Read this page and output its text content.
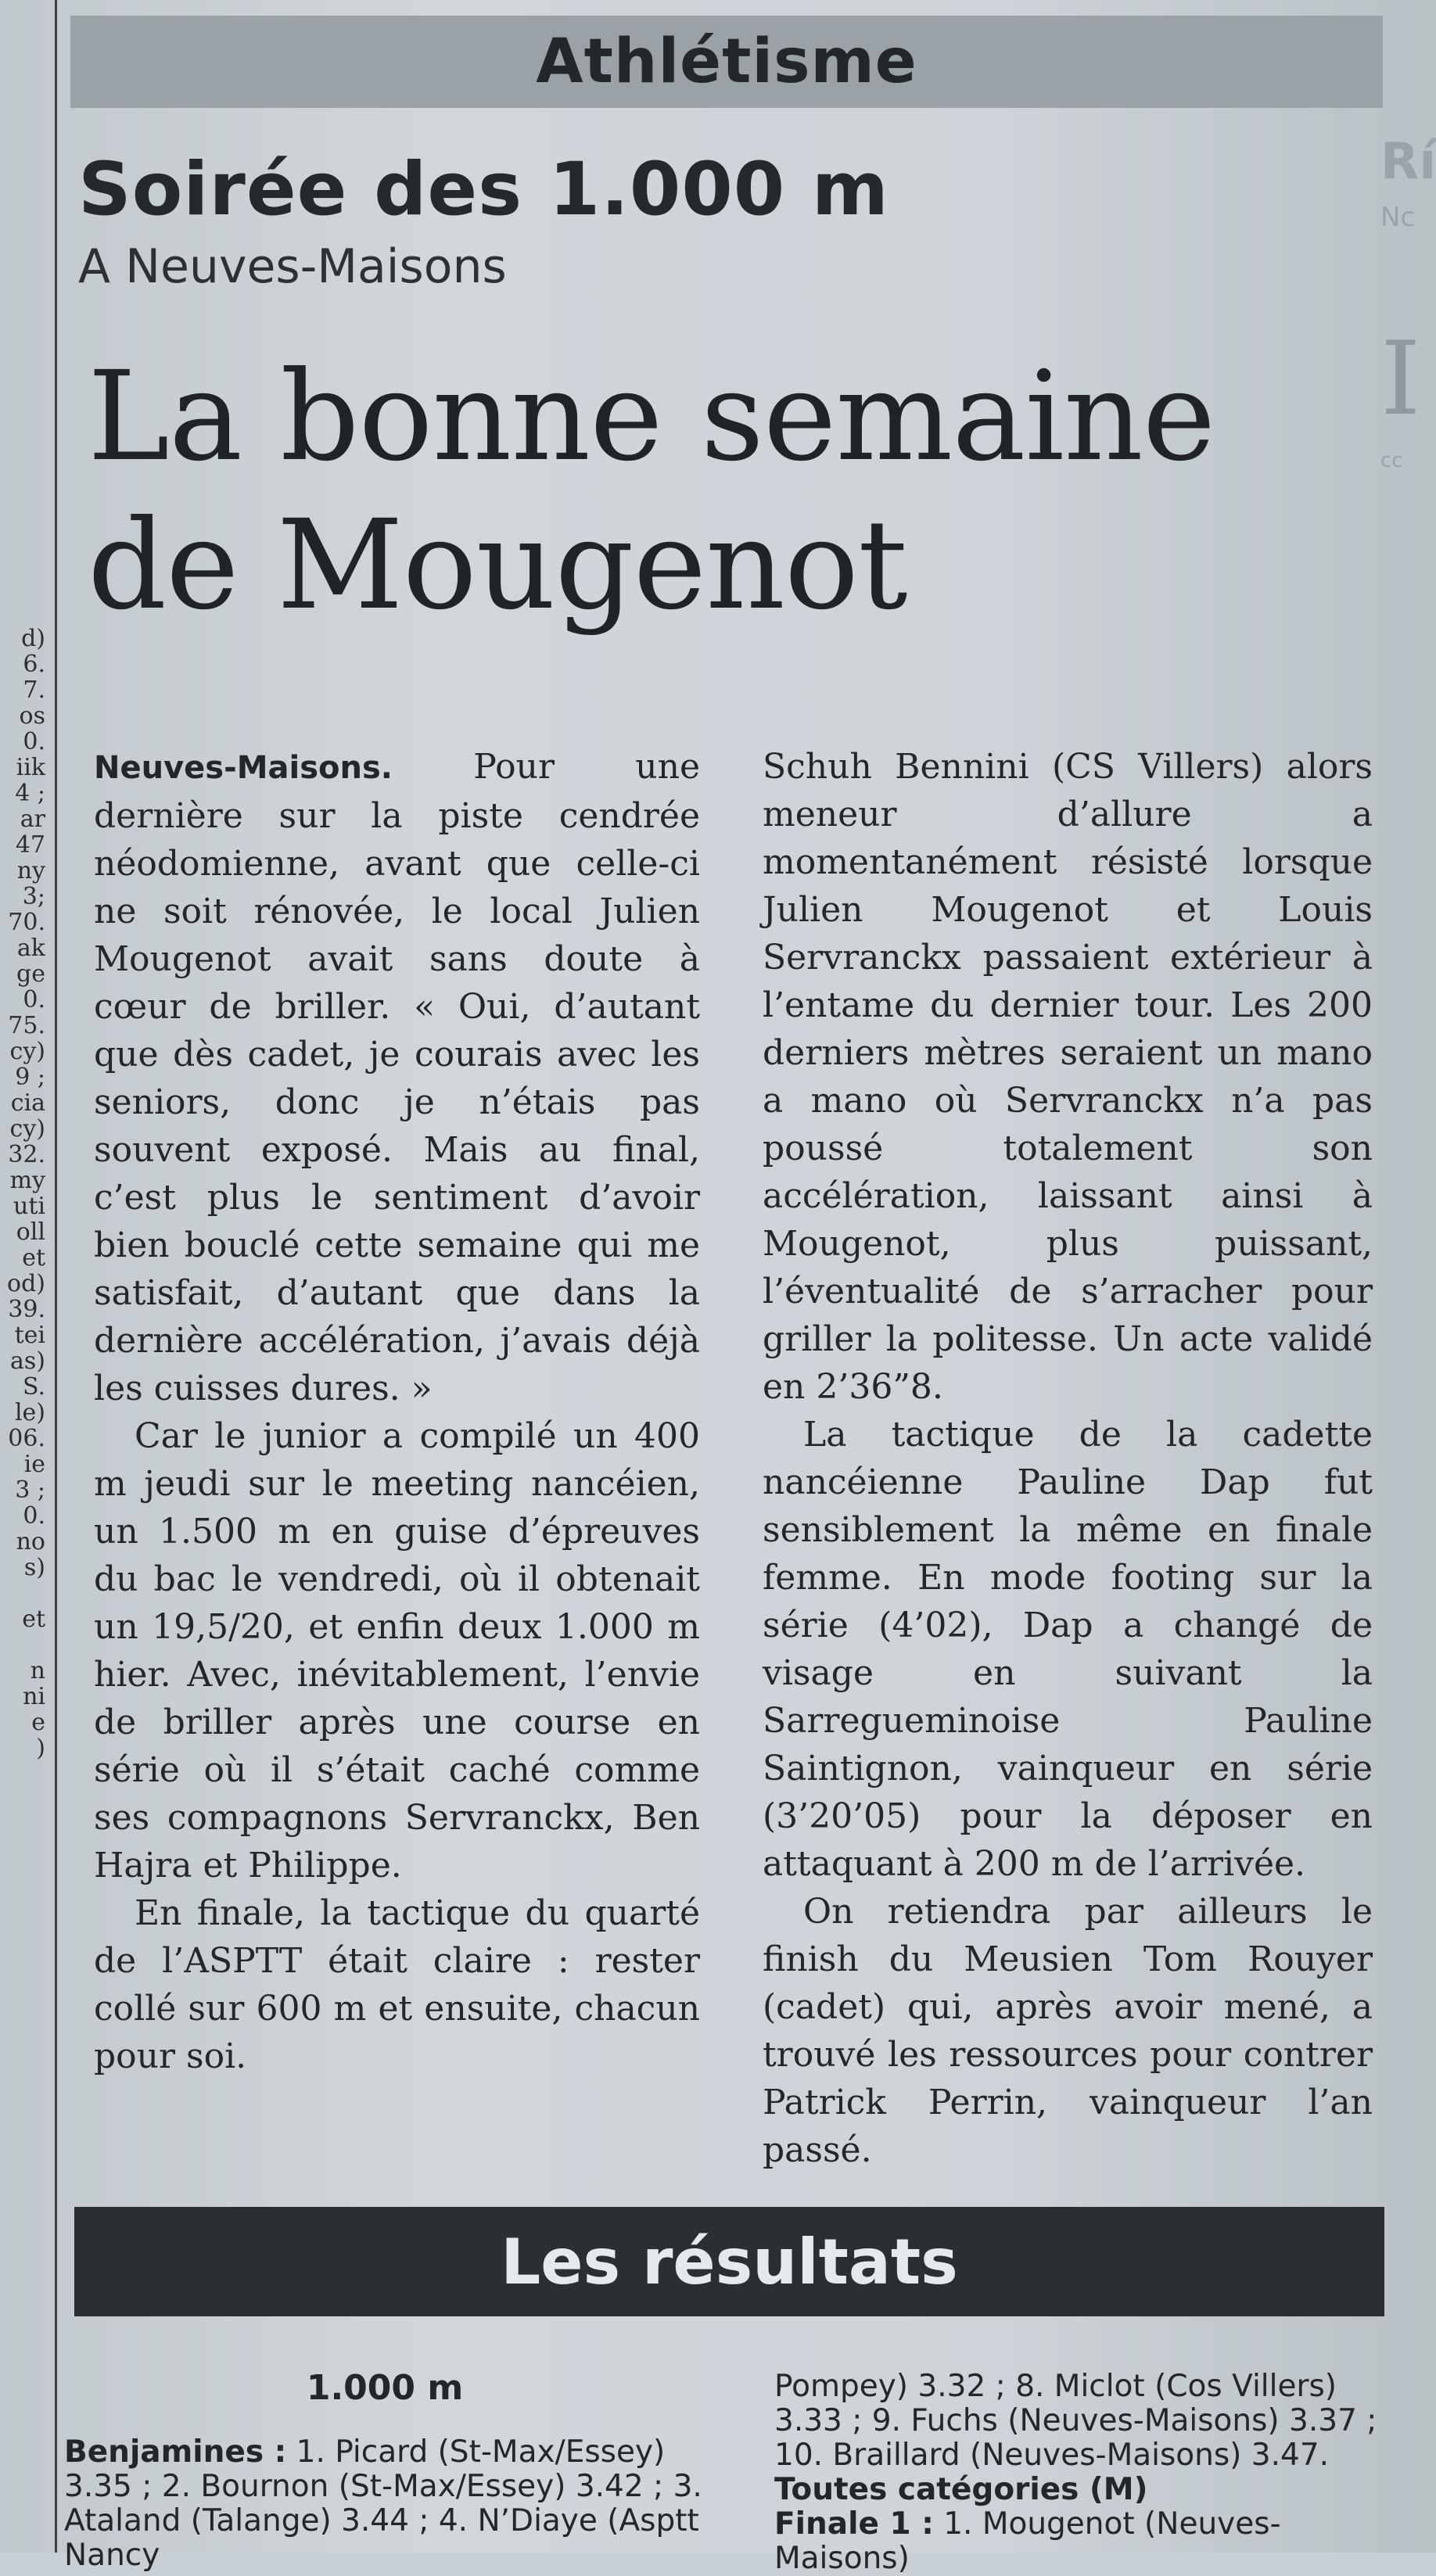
d)
6.
7.
os
0.
iik
4 ;
ar
47
ny
3;
70.
ak
ge
0.
75.
cy)
9 ;
cia
cy)
32.
my
uti
oll
et
od)
39.
tei
as)
S.
le)
06.
ie
3 ;
0.
no
s)
et
n
ni
e
)
Rí
Nc
I
cc
Athlétisme
Soirée des 1.000 m
A Neuves-Maisons
La bonne semaine de Mougenot

Neuves-Maisons. Pour une dernière sur la piste cendrée néodomienne, avant que celle-ci ne soit rénovée, le local Julien Mougenot avait sans doute à cœur de briller. « Oui, d’autant que dès cadet, je courais avec les seniors, donc je n’étais pas souvent exposé. Mais au final, c’est plus le sentiment d’avoir bien bouclé cette semaine qui me satisfait, d’autant que dans la dernière accélération, j’avais déjà les cuisses dures. »

Car le junior a compilé un 400 m jeudi sur le meeting nancéien, un 1.500 m en guise d’épreuves du bac le vendredi, où il obtenait un 19,5/20, et enfin deux 1.000 m hier. Avec, inévitablement, l’envie de briller après une course en série où il s’était caché comme ses compagnons Servranckx, Ben Hajra et Philippe.

En finale, la tactique du quarté de l’ASPTT était claire : rester collé sur 600 m et ensuite, chacun pour soi.

Schuh Bennini (CS Villers) alors meneur d’allure a momentanément résisté lorsque Julien Mougenot et Louis Servranckx passaient extérieur à l’entame du dernier tour. Les 200 derniers mètres seraient un mano a mano où Servranckx n’a pas poussé totalement son accélération, laissant ainsi à Mougenot, plus puissant, l’éventualité de s’arracher pour griller la politesse. Un acte validé en 2’36”8.

La tactique de la cadette nancéienne Pauline Dap fut sensiblement la même en finale femme. En mode footing sur la série (4’02), Dap a changé de visage en suivant la Sarregueminoise Pauline Saintignon, vainqueur en série (3’20’05) pour la déposer en attaquant à 200 m de l’arrivée.

On retiendra par ailleurs le finish du Meusien Tom Rouyer (cadet) qui, après avoir mené, a trouvé les ressources pour contrer Patrick Perrin, vainqueur l’an passé.

Les résultats

1.000 m

Benjamines : 1. Picard (St-Max/Essey) 3.35 ; 2. Bournon (St-Max/Essey) 3.42 ; 3. Ataland (Talange) 3.44 ; 4. N’Diaye (Asptt Nancy

Pompey) 3.32 ; 8. Miclot (Cos Villers) 3.33 ; 9. Fuchs (Neuves-Maisons) 3.37 ; 10. Braillard (Neuves-Maisons) 3.47.

Toutes catégories (M)

Finale 1 : 1. Mougenot (Neuves-Maisons)
